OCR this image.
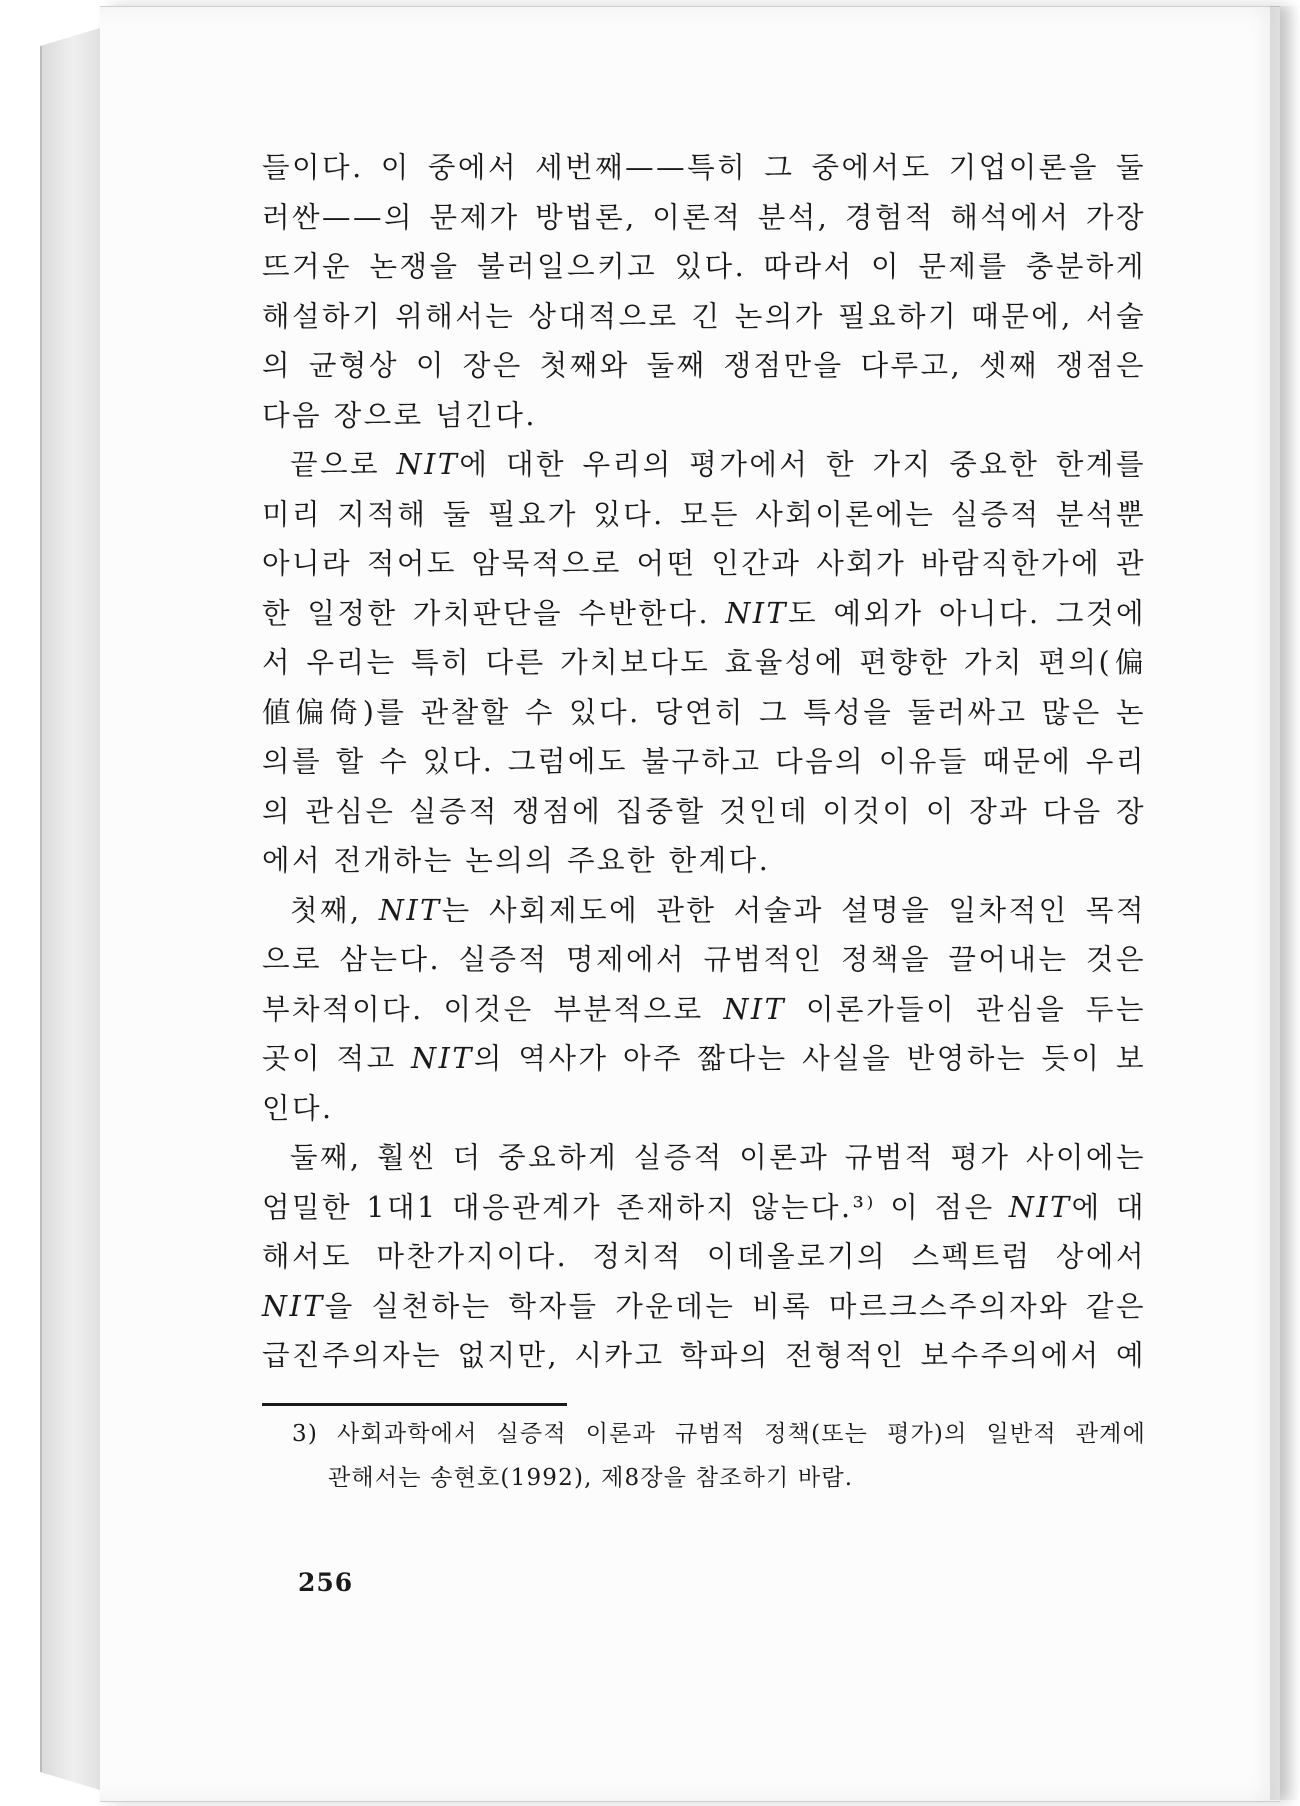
들이다. 이 중에서 세번째——특히 그 중에서도 기업이론을 둘
러싼——의 문제가 방법론, 이론적 분석, 경험적 해석에서 가장
뜨거운 논쟁을 불러일으키고 있다. 따라서 이 문제를 충분하게
해설하기 위해서는 상대적으로 긴 논의가 필요하기 때문에, 서술
의 균형상 이 장은 첫째와 둘째 쟁점만을 다루고, 셋째 쟁점은
다음 장으로 넘긴다.
끝으로 NIT에 대한 우리의 평가에서 한 가지 중요한 한계를
미리 지적해 둘 필요가 있다. 모든 사회이론에는 실증적 분석뿐
아니라 적어도 암묵적으로 어떤 인간과 사회가 바람직한가에 관
한 일정한 가치판단을 수반한다. NIT도 예외가 아니다. 그것에
서 우리는 특히 다른 가치보다도 효율성에 편향한 가치 편의(偏
値偏倚)를 관찰할 수 있다. 당연히 그 특성을 둘러싸고 많은 논
의를 할 수 있다. 그럼에도 불구하고 다음의 이유들 때문에 우리
의 관심은 실증적 쟁점에 집중할 것인데 이것이 이 장과 다음 장
에서 전개하는 논의의 주요한 한계다.
첫째, NIT는 사회제도에 관한 서술과 설명을 일차적인 목적
으로 삼는다. 실증적 명제에서 규범적인 정책을 끌어내는 것은
부차적이다. 이것은 부분적으로 NIT 이론가들이 관심을 두는
곳이 적고 NIT의 역사가 아주 짧다는 사실을 반영하는 듯이 보
인다.
둘째, 훨씬 더 중요하게 실증적 이론과 규범적 평가 사이에는
엄밀한 1대1 대응관계가 존재하지 않는다.³⁾ 이 점은 NIT에 대
해서도 마찬가지이다. 정치적 이데올로기의 스펙트럼 상에서
NIT을 실천하는 학자들 가운데는 비록 마르크스주의자와 같은
급진주의자는 없지만, 시카고 학파의 전형적인 보수주의에서 예
3) 사회과학에서 실증적 이론과 규범적 정책(또는 평가)의 일반적 관계에
관해서는 송현호(1992), 제8장을 참조하기 바람.
256
